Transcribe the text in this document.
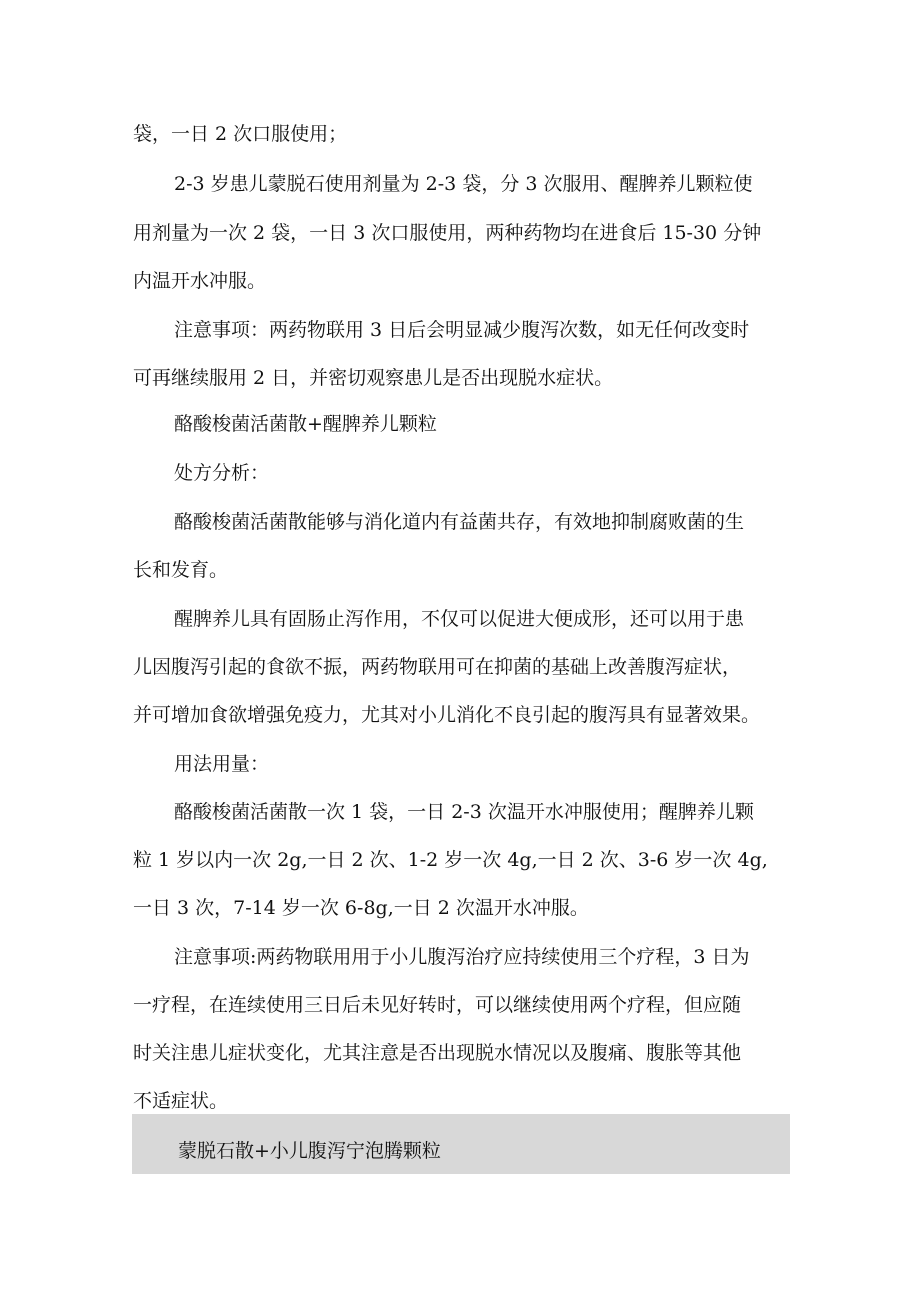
袋，一日 2 次口服使用；
2-3 岁患儿蒙脱石使用剂量为 2-3 袋，分 3 次服用、醒脾养儿颗粒使
用剂量为一次 2 袋，一日 3 次口服使用，两种药物均在进食后 15-30 分钟
内温开水冲服。
注意事项：两药物联用 3 日后会明显减少腹泻次数，如无任何改变时
可再继续服用 2 日，并密切观察患儿是否出现脱水症状。
酪酸梭菌活菌散+醒脾养儿颗粒
处方分析：
酪酸梭菌活菌散能够与消化道内有益菌共存，有效地抑制腐败菌的生
长和发育。
醒脾养儿具有固肠止泻作用，不仅可以促进大便成形，还可以用于患
儿因腹泻引起的食欲不振，两药物联用可在抑菌的基础上改善腹泻症状，
并可增加食欲增强免疫力，尤其对小儿消化不良引起的腹泻具有显著效果。
用法用量：
酪酸梭菌活菌散一次 1 袋，一日 2-3 次温开水冲服使用；醒脾养儿颗
粒 1 岁以内一次 2g,一日 2 次、1-2 岁一次 4g,一日 2 次、3-6 岁一次 4g,
一日 3 次，7-14 岁一次 6-8g,一日 2 次温开水冲服。
注意事项:两药物联用用于小儿腹泻治疗应持续使用三个疗程，3 日为
一疗程，在连续使用三日后未见好转时，可以继续使用两个疗程，但应随
时关注患儿症状变化，尤其注意是否出现脱水情况以及腹痛、腹胀等其他
不适症状。
蒙脱石散+小儿腹泻宁泡腾颗粒
